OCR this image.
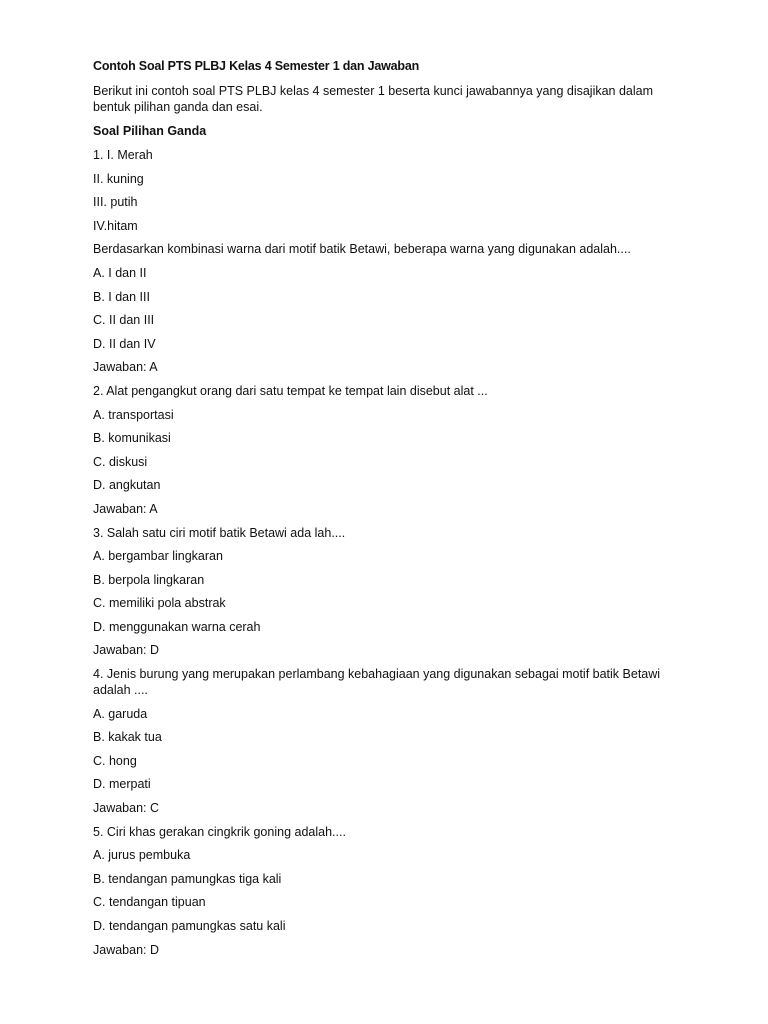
Contoh Soal PTS PLBJ Kelas 4 Semester 1 dan Jawaban
Berikut ini contoh soal PTS PLBJ kelas 4 semester 1 beserta kunci jawabannya yang disajikan dalam bentuk pilihan ganda dan esai.
Soal Pilihan Ganda
1. I. Merah
II. kuning
III. putih
IV.hitam
Berdasarkan kombinasi warna dari motif batik Betawi, beberapa warna yang digunakan adalah....
A. I dan II
B. I dan III
C. II dan III
D. II dan IV
Jawaban: A
2. Alat pengangkut orang dari satu tempat ke tempat lain disebut alat ...
A. transportasi
B. komunikasi
C. diskusi
D. angkutan
Jawaban: A
3. Salah satu ciri motif batik Betawi ada lah....
A. bergambar lingkaran
B. berpola lingkaran
C. memiliki pola abstrak
D. menggunakan warna cerah
Jawaban: D
4. Jenis burung yang merupakan perlambang kebahagiaan yang digunakan sebagai motif batik Betawi adalah ....
A. garuda
B. kakak tua
C. hong
D. merpati
Jawaban: C
5. Ciri khas gerakan cingkrik goning adalah....
A. jurus pembuka
B. tendangan pamungkas tiga kali
C. tendangan tipuan
D. tendangan pamungkas satu kali
Jawaban: D
